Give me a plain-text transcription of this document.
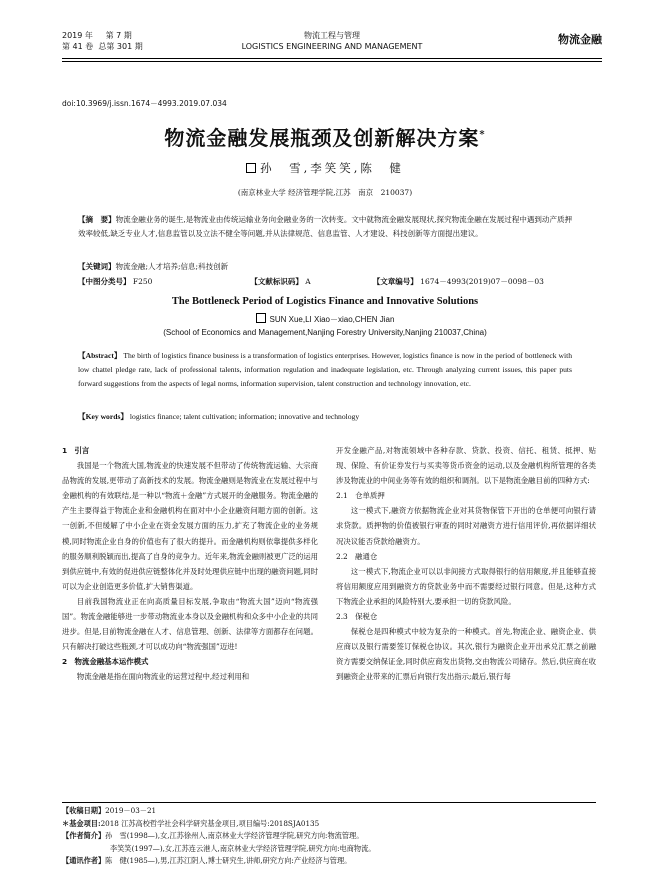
2019 年 第 7 期
第 41 卷 总第 301 期
物流工程与管理
LOGISTICS ENGINEERING AND MANAGEMENT
物流金融
doi:10.3969/j.issn.1674－4993.2019.07.034
物流金融发展瓶颈及创新解决方案*
孙　雪,李笑笑,陈　健
(南京林业大学 经济管理学院,江苏　南京　210037)
【摘　要】物流金融业务的诞生,是物流业由传统运输业务向金融业务的一次转变。文中就物流金融发展现状,探究物流金融在发展过程中遇到动产质押效率较低,缺乏专业人才,信息监管以及立法不健全等问题,并从法律规范、信息监管、人才建设、科技创新等方面提出建议。
【关键词】物流金融;人才培养;信息;科技创新
【中图分类号】 F250	【文献标识码】 A	【文章编号】 1674－4993(2019)07－0098－03
The Bottleneck Period of Logistics Finance and Innovative Solutions
SUN Xue,LI Xiao－xiao,CHEN Jian
(School of Economics and Management,Nanjing Forestry University,Nanjing 210037,China)
【Abstract】 The birth of logistics finance business is a transformation of logistics enterprises. However, logistics finance is now in the period of bottleneck with low chattel pledge rate, lack of professional talents, information regulation and inadequate legislation, etc. Through analyzing current issues, this paper puts forward suggestions from the aspects of legal norms, information supervision, talent construction and technology innovation, etc.
【Key words】 logistics finance; talent cultivation; information; innovative and technology
1　引言

我国是一个物流大国,物流业的快速发展不但带动了传统物流运输、大宗商品物流的发展,更带动了高新技术的发展。物流金融则是物流业在发展过程中与金融机构的有效联结,是一种以“物流＋金融”方式展开的金融服务。物流金融的产生主要得益于物流企业和金融机构在面对中小企业融资问题方面的创新。这一创新,不但缓解了中小企业在资金发展方面的压力,扩充了物流企业的业务规模,同时物流企业自身的价值也有了很大的提升。而金融机构则依靠提供多样化的服务顺利脱颖而出,提高了自身的竞争力。近年来,物流金融则被更广泛的运用到供应链中,有效的促进供应链整体化并及时处理供应链中出现的融资问题,同时可以为企业创造更多价值,扩大销售渠道。

目前我国物流业正在向高质量目标发展,争取由“物流大国”迈向“物流强国”。物流金融能够进一步带动物流业本身以及金融机构和众多中小企业的共同进步。但是,目前物流金融在人才、信息管理、创新、法律等方面都存在问题。只有解决打破这些瓶颈,才可以成功向“物流强国”迈进!

2　物流金融基本运作模式

物流金融是指在面向物流业的运营过程中,经过利用和

开发金融产品,对物流领域中各种存款、贷款、投资、信托、租赁、抵押、贴现、保险、有价证券发行与买卖等货币资金的运动,以及金融机构所管理的各类涉及物流业的中间业务等有效的组织和调剂。以下是物流金融目前的四种方式:

2.1　仓单质押

这一模式下,融资方依据物流企业对其货物保管下开出的仓单便可向银行请求贷款。质押物的价值被银行审查的同时对融资方进行信用评价,再依据详细状况决议能否贷款给融资方。

2.2　融通仓

这一模式下,物流企业可以以非间接方式取得银行的信用额度,并且能够直接将信用额度应用到融资方的贷款业务中而不需要经过银行同意。但是,这种方式下物流企业承担的风险特别大,要承担一切的贷款风险。

2.3　保税仓

保税仓是四种模式中较为复杂的一种模式。首先,物流企业、融资企业、供应商以及银行需要签订保税仓协议。其次,银行为融资企业开出承兑汇票之前融资方需要交纳保证金,同时供应商发出货物,交由物流公司储存。然后,供应商在收到融资企业带来的汇票后向银行发出指示;最后,银行每

【收稿日期】2019－03－21
＊基金项目:2018 江苏高校哲学社会科学研究基金项目,项目编号:2018SJA0135
【作者简介】孙　雪(1998—),女,江苏徐州人,南京林业大学经济管理学院,研究方向:物流管理。
李笑笑(1997—),女,江苏连云港人,南京林业大学经济管理学院,研究方向:电商物流。
【通讯作者】陈　健(1985—),男,江苏江阴人,博士研究生,讲师,研究方向:产业经济与管理。
